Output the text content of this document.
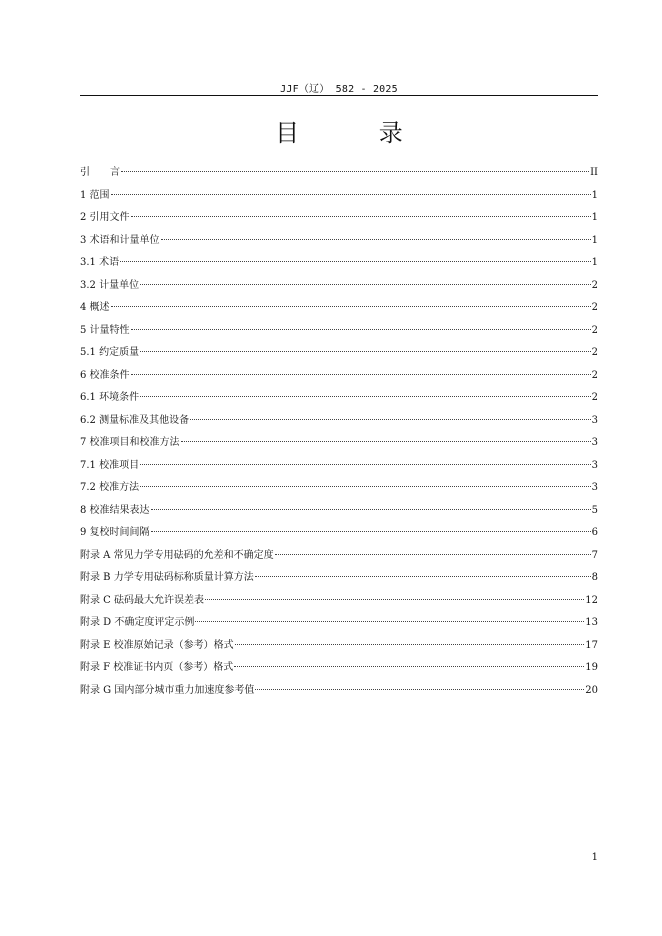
JJF（辽） 582 - 2025
目 录
引　　言	II
1 范围	1
2 引用文件	1
3 术语和计量单位	1
3.1 术语	1
3.2 计量单位	2
4 概述	2
5 计量特性	2
5.1 约定质量	2
6 校准条件	2
6.1 环境条件	2
6.2 测量标准及其他设备	3
7 校准项目和校准方法	3
7.1 校准项目	3
7.2 校准方法	3
8 校准结果表达	5
9 复校时间间隔	6
附录 A 常见力学专用砝码的允差和不确定度	7
附录 B 力学专用砝码标称质量计算方法	8
附录 C 砝码最大允许误差表	12
附录 D 不确定度评定示例	13
附录 E 校准原始记录（参考）格式	17
附录 F 校准证书内页（参考）格式	19
附录 G 国内部分城市重力加速度参考值	20
1
